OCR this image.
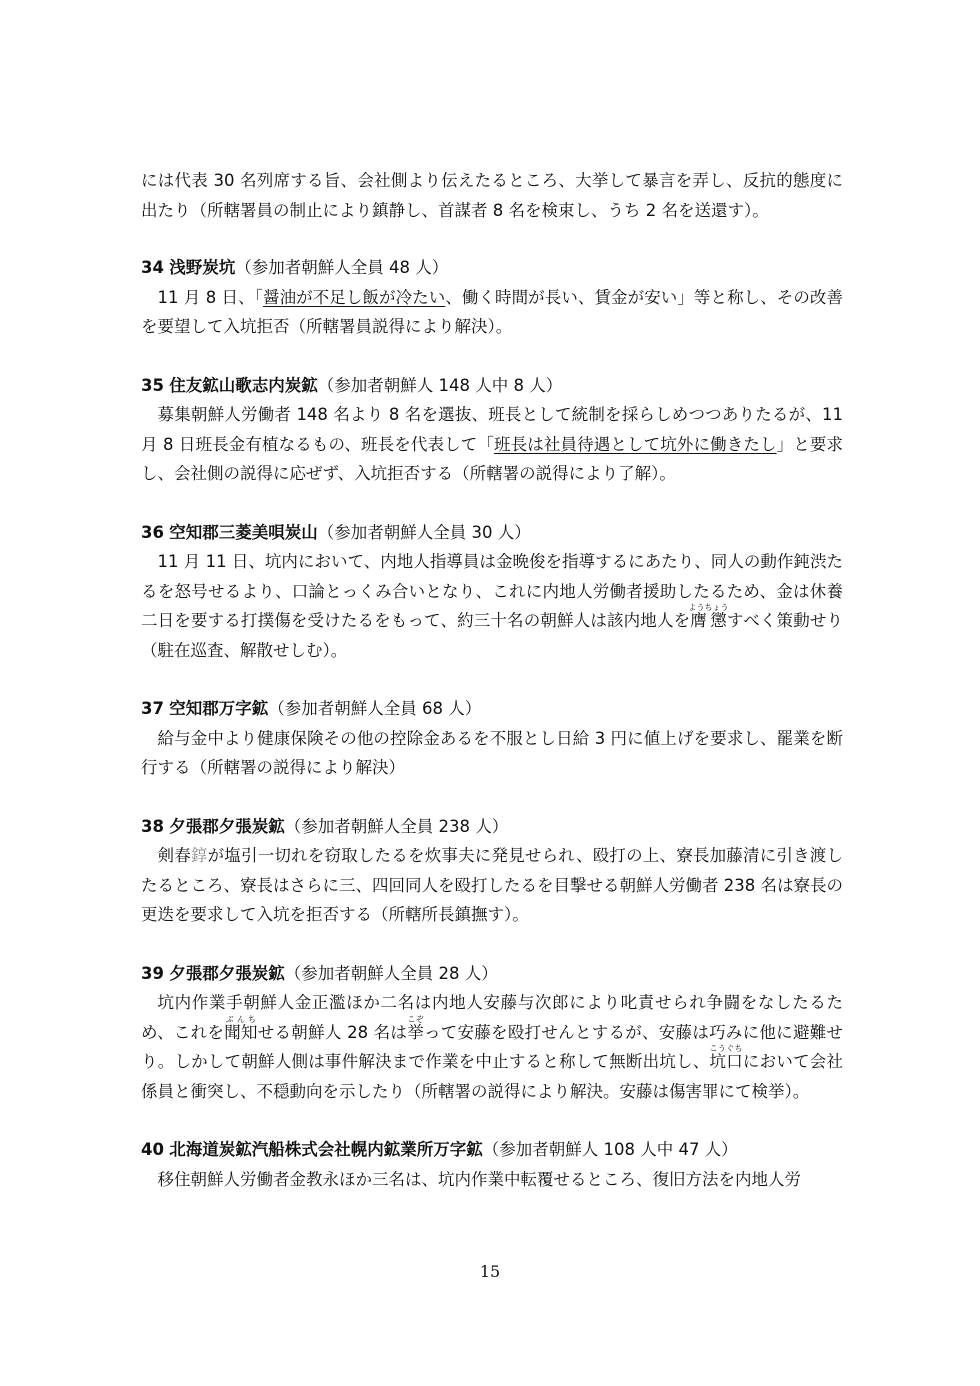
には代表 30 名列席する旨、会社側より伝えたるところ、大挙して暴言を弄し、反抗的態度に出たり（所轄署員の制止により鎮静し、首謀者 8 名を検束し、うち 2 名を送還す）。

34 浅野炭坑（参加者朝鮮人全員 48 人）

11 月 8 日、「醤油が不足し飯が冷たい、働く時間が長い、賃金が安い」等と称し、その改善を要望して入坑拒否（所轄署員説得により解決）。

35 住友鉱山歌志内炭鉱（参加者朝鮮人 148 人中 8 人）

募集朝鮮人労働者 148 名より 8 名を選抜、班長として統制を採らしめつつありたるが、11 月 8 日班長金有植なるもの、班長を代表して「班長は社員待遇として坑外に働きたし」と要求し、会社側の説得に応ぜず、入坑拒否する（所轄署の説得により了解）。

36 空知郡三菱美唄炭山（参加者朝鮮人全員 30 人）

11 月 11 日、坑内において、内地人指導員は金晩俊を指導するにあたり、同人の動作鈍渋たるを怒号せるより、口論とっくみ合いとなり、これに内地人労働者援助したるため、金は休養二日を要する打撲傷を受けたるをもって、約三十名の朝鮮人は該内地人を膺懲ようちょうすべく策動せり（駐在巡査、解散せしむ）。

37 空知郡万字鉱（参加者朝鮮人全員 68 人）

給与金中より健康保険その他の控除金あるを不服とし日給 3 円に値上げを要求し、罷業を断行する（所轄署の説得により解決）

38 夕張郡夕張炭鉱（参加者朝鮮人全員 238 人）

剣春錞が塩引一切れを窃取したるを炊事夫に発見せられ、殴打の上、寮長加藤清に引き渡したるところ、寮長はさらに三、四回同人を殴打したるを目撃せる朝鮮人労働者 238 名は寮長の更迭を要求して入坑を拒否する（所轄所長鎮撫す）。

39 夕張郡夕張炭鉱（参加者朝鮮人全員 28 人）

坑内作業手朝鮮人金正濫ほか二名は内地人安藤与次郎により叱責せられ争闘をなしたるため、これを聞知ぶんちせる朝鮮人 28 名は挙こぞって安藤を殴打せんとするが、安藤は巧みに他に避難せり。しかして朝鮮人側は事件解決まで作業を中止すると称して無断出坑し、坑口こうぐちにおいて会社係員と衝突し、不穏動向を示したり（所轄署の説得により解決。安藤は傷害罪にて検挙）。

40 北海道炭鉱汽船株式会社幌内鉱業所万字鉱（参加者朝鮮人 108 人中 47 人）

移住朝鮮人労働者金教永ほか三名は、坑内作業中転覆せるところ、復旧方法を内地人労

15
